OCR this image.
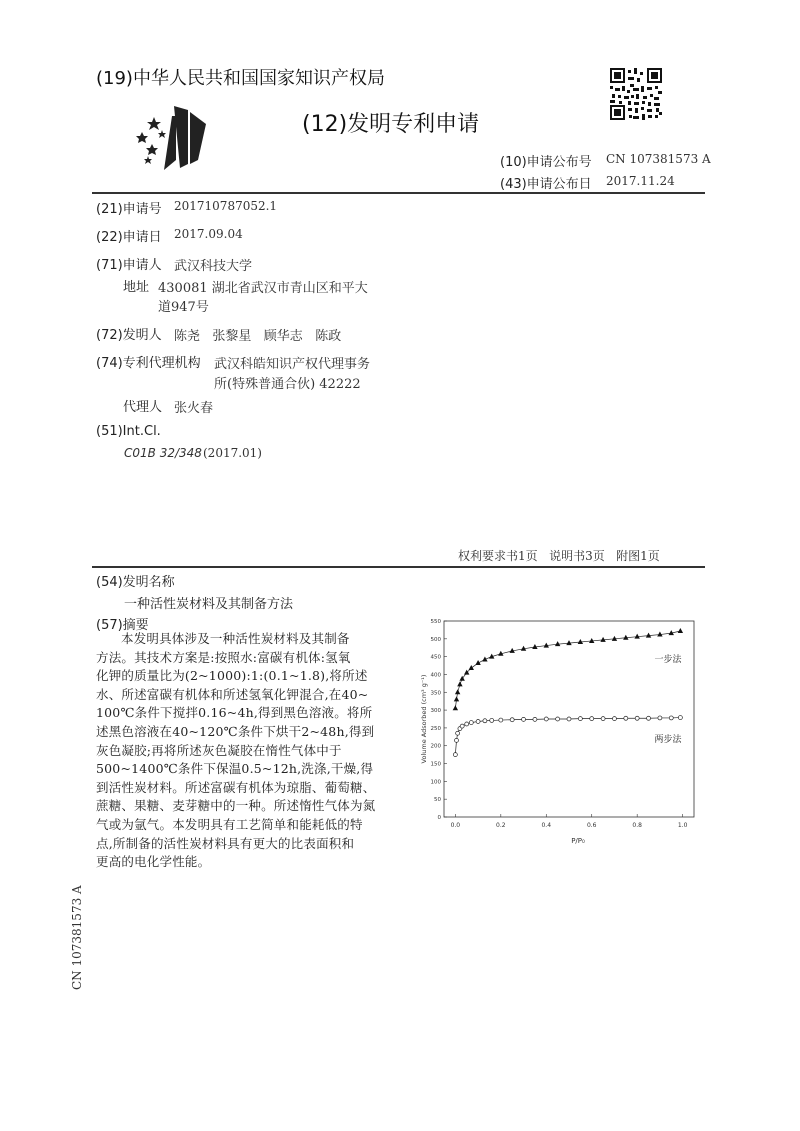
(19)中华人民共和国国家知识产权局
(12)发明专利申请
(10)申请公布号 CN 107381573 A
(43)申请公布日 2017.11.24
(21)申请号 201710787052.1
(22)申请日 2017.09.04
(71)申请人 武汉科技大学
地址 430081 湖北省武汉市青山区和平大
道947号
(72)发明人 陈尧   张黎星   顾华志   陈政
(74)专利代理机构 武汉科皓知识产权代理事务
所(特殊普通合伙) 42222
代理人 张火春
(51)Int.Cl.
C01B 32/348 (2017.01)
权利要求书1页   说明书3页   附图1页
(54)发明名称
一种活性炭材料及其制备方法
(57)摘要

本发明具体涉及一种活性炭材料及其制备

方法。其技术方案是:按照水:富碳有机体:氢氧

化钾的质量比为(2~1000):1:(0.1~1.8),将所述

水、所述富碳有机体和所述氢氧化钾混合,在40~

100℃条件下搅拌0.16~4h,得到黑色溶液。将所

述黑色溶液在40~120℃条件下烘干2~48h,得到

灰色凝胶;再将所述灰色凝胶在惰性气体中于

500~1400℃条件下保温0.5~12h,洗涤,干燥,得

到活性炭材料。所述富碳有机体为琼脂、葡萄糖、

蔗糖、果糖、麦芽糖中的一种。所述惰性气体为氮

气或为氩气。本发明具有工艺简单和能耗低的特

点,所制备的活性炭材料具有更大的比表面积和

更高的电化学性能。

0
50
100
150
200
250
300
350
400
450
500
550
0.0	0.2	0.4	0.6	0.8	1.0
Volume Adsorbed (cm³ g⁻¹)
P/P₀
一步法
两步法
CN 107381573 A
